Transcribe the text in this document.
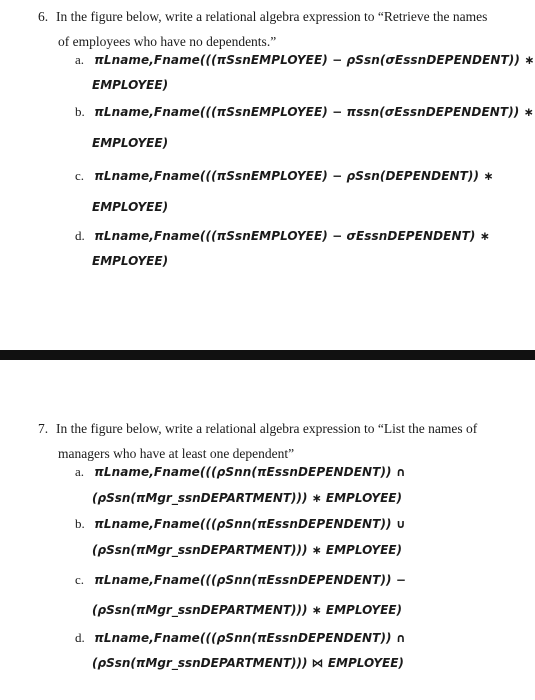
6. In the figure below, write a relational algebra expression to “Retrieve the names
of employees who have no dependents.”
a. πLname,Fname(((πSsnEMPLOYEE) − ρSsn(σEssnDEPENDENT)) ∗
EMPLOYEE)
b. πLname,Fname(((πSsnEMPLOYEE) − πssn(σEssnDEPENDENT)) ∗
EMPLOYEE)
c. πLname,Fname(((πSsnEMPLOYEE) − ρSsn(DEPENDENT)) ∗
EMPLOYEE)
d. πLname,Fname(((πSsnEMPLOYEE) − σEssnDEPENDENT) ∗
EMPLOYEE)
7. In the figure below, write a relational algebra expression to “List the names of
managers who have at least one dependent”
a. πLname,Fname(((ρSnn(πEssnDEPENDENT)) ∩
(ρSsn(πMgr_ssnDEPARTMENT))) ∗ EMPLOYEE)
b. πLname,Fname(((ρSnn(πEssnDEPENDENT)) ∪
(ρSsn(πMgr_ssnDEPARTMENT))) ∗ EMPLOYEE)
c. πLname,Fname(((ρSnn(πEssnDEPENDENT)) −
(ρSsn(πMgr_ssnDEPARTMENT))) ∗ EMPLOYEE)
d. πLname,Fname(((ρSnn(πEssnDEPENDENT)) ∩
(ρSsn(πMgr_ssnDEPARTMENT))) ⋈ EMPLOYEE)
